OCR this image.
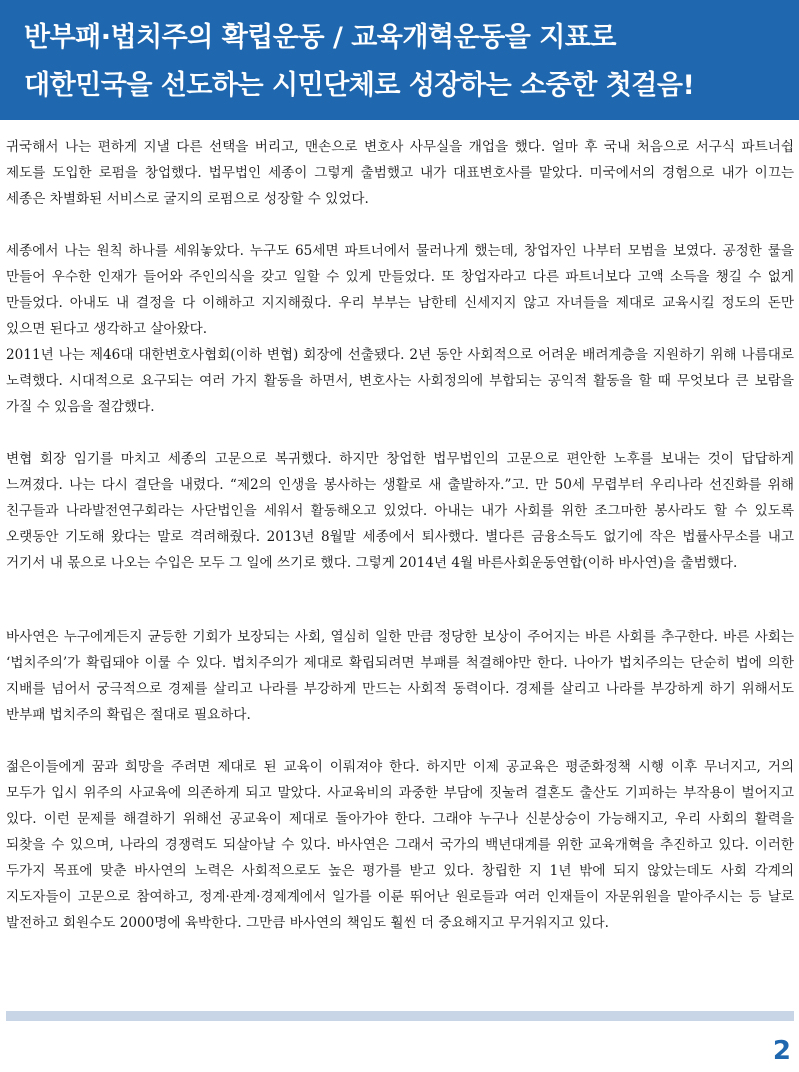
반부패·법치주의 확립운동 / 교육개혁운동을 지표로
대한민국을 선도하는 시민단체로 성장하는 소중한 첫걸음!

귀국해서 나는 편하게 지낼 다른 선택을 버리고, 맨손으로 변호사 사무실을 개업을 했다. 얼마 후 국내 처음으로 서구식 파트너쉽 제도를 도입한 로펌을 창업했다. 법무법인 세종이 그렇게 출범했고 내가 대표변호사를 맡았다. 미국에서의 경험으로 내가 이끄는 세종은 차별화된 서비스로 굴지의 로펌으로 성장할 수 있었다.

세종에서 나는 원칙 하나를 세워놓았다. 누구도 65세면 파트너에서 물러나게 했는데, 창업자인 나부터 모범을 보였다. 공정한 룰을 만들어 우수한 인재가 들어와 주인의식을 갖고 일할 수 있게 만들었다. 또 창업자라고 다른 파트너보다 고액 소득을 챙길 수 없게 만들었다. 아내도 내 결정을 다 이해하고 지지해줬다. 우리 부부는 남한테 신세지지 않고 자녀들을 제대로 교육시킬 정도의 돈만 있으면 된다고 생각하고 살아왔다.

2011년 나는 제46대 대한변호사협회(이하 변협) 회장에 선출됐다. 2년 동안 사회적으로 어려운 배려계층을 지원하기 위해 나름대로 노력했다. 시대적으로 요구되는 여러 가지 활동을 하면서, 변호사는 사회정의에 부합되는 공익적 활동을 할 때 무엇보다 큰 보람을 가질 수 있음을 절감했다.

변협 회장 임기를 마치고 세종의 고문으로 복귀했다. 하지만 창업한 법무법인의 고문으로 편안한 노후를 보내는 것이 답답하게 느껴졌다. 나는 다시 결단을 내렸다. “제2의 인생을 봉사하는 생활로 새 출발하자.”고. 만 50세 무렵부터 우리나라 선진화를 위해 친구들과 나라발전연구회라는 사단법인을 세워서 활동해오고 있었다. 아내는 내가 사회를 위한 조그마한 봉사라도 할 수 있도록 오랫동안 기도해 왔다는 말로 격려해줬다. 2013년 8월말 세종에서 퇴사했다. 별다른 금융소득도 없기에 작은 법률사무소를 내고 거기서 내 몫으로 나오는 수입은 모두 그 일에 쓰기로 했다. 그렇게 2014년 4월 바른사회운동연합(이하 바사연)을 출범했다.

바사연은 누구에게든지 균등한 기회가 보장되는 사회, 열심히 일한 만큼 정당한 보상이 주어지는 바른 사회를 추구한다. 바른 사회는 ‘법치주의’가 확립돼야 이룰 수 있다. 법치주의가 제대로 확립되려면 부패를 척결해야만 한다. 나아가 법치주의는 단순히 법에 의한 지배를 넘어서 궁극적으로 경제를 살리고 나라를 부강하게 만드는 사회적 동력이다. 경제를 살리고 나라를 부강하게 하기 위해서도 반부패 법치주의 확립은 절대로 필요하다.

젊은이들에게 꿈과 희망을 주려면 제대로 된 교육이 이뤄져야 한다. 하지만 이제 공교육은 평준화정책 시행 이후 무너지고, 거의 모두가 입시 위주의 사교육에 의존하게 되고 말았다. 사교육비의 과중한 부담에 짓눌려 결혼도 출산도 기피하는 부작용이 벌어지고 있다. 이런 문제를 해결하기 위해선 공교육이 제대로 돌아가야 한다. 그래야 누구나 신분상승이 가능해지고, 우리 사회의 활력을 되찾을 수 있으며, 나라의 경쟁력도 되살아날 수 있다. 바사연은 그래서 국가의 백년대계를 위한 교육개혁을 추진하고 있다. 이러한 두가지 목표에 맞춘 바사연의 노력은 사회적으로도 높은 평가를 받고 있다. 창립한 지 1년 밖에 되지 않았는데도 사회 각계의 지도자들이 고문으로 참여하고, 정계·관계·경제계에서 일가를 이룬 뛰어난 원로들과 여러 인재들이 자문위원을 맡아주시는 등 날로 발전하고 회원수도 2000명에 육박한다. 그만큼 바사연의 책임도 훨씬 더 중요해지고 무거워지고 있다.

2
